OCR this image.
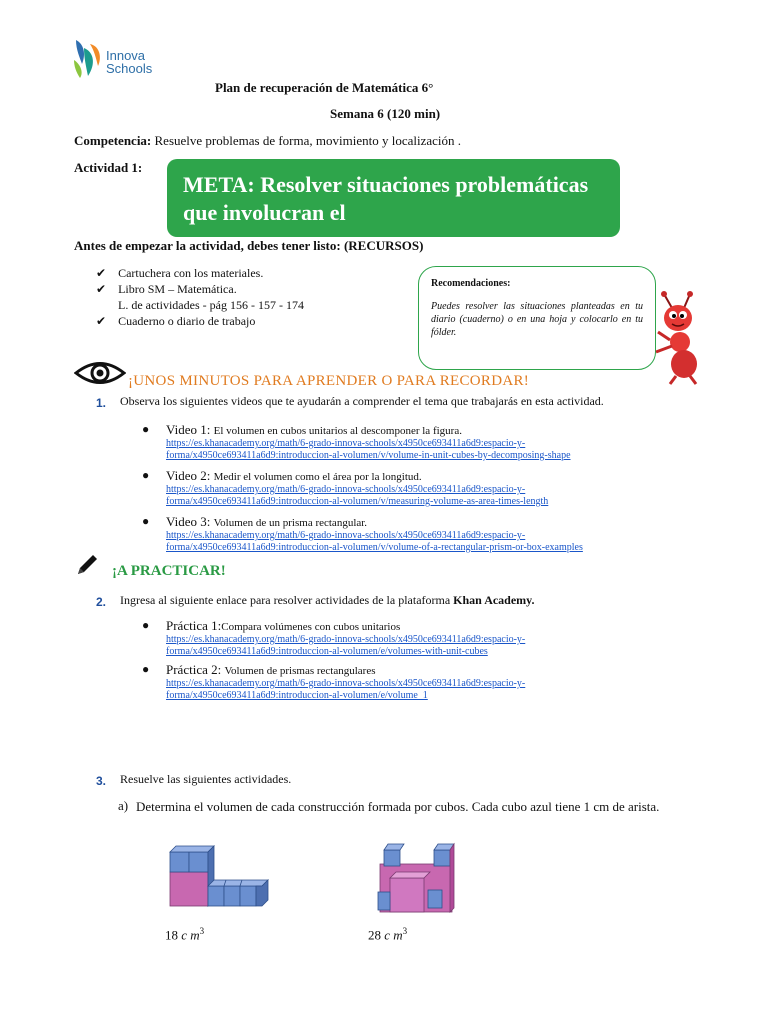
Innova
Schools
Plan de recuperación de Matemática 6°
Semana 6 (120 min)
Competencia: Resuelve problemas de forma, movimiento y localización .
Actividad 1:
META: Resolver situaciones problemáticas que involucran el
Antes de empezar la actividad, debes tener listo: (RECURSOS)
✔ Cartuchera con los materiales.
✔ Libro SM – Matemática.
L. de actividades - pág 156 - 157 - 174
✔ Cuaderno o diario de trabajo
Recomendaciones:
Puedes resolver las situaciones planteadas en tu diario (cuaderno) o en una hoja y colocarlo en tu fólder.
¡UNOS MINUTOS PARA APRENDER O PARA RECORDAR!
1. Observa los siguientes videos que te ayudarán a comprender el tema que trabajarás en esta actividad.
● Video 1: El volumen en cubos unitarios al descomponer la figura.
https://es.khanacademy.org/math/6-grado-innova-schools/x4950ce693411a6d9:espacio-y-
forma/x4950ce693411a6d9:introduccion-al-volumen/v/volume-in-unit-cubes-by-decomposing-shape
● Video 2: Medir el volumen como el área por la longitud.
https://es.khanacademy.org/math/6-grado-innova-schools/x4950ce693411a6d9:espacio-y-
forma/x4950ce693411a6d9:introduccion-al-volumen/v/measuring-volume-as-area-times-length
● Video 3: Volumen de un prisma rectangular.
https://es.khanacademy.org/math/6-grado-innova-schools/x4950ce693411a6d9:espacio-y-
forma/x4950ce693411a6d9:introduccion-al-volumen/v/volume-of-a-rectangular-prism-or-box-examples
¡A PRACTICAR!
2. Ingresa al siguiente enlace para resolver actividades de la plataforma Khan Academy.
● Práctica 1:Compara volúmenes con cubos unitarios
https://es.khanacademy.org/math/6-grado-innova-schools/x4950ce693411a6d9:espacio-y-
forma/x4950ce693411a6d9:introduccion-al-volumen/e/volumes-with-unit-cubes
● Práctica 2: Volumen de prismas rectangulares
https://es.khanacademy.org/math/6-grado-innova-schools/x4950ce693411a6d9:espacio-y-
forma/x4950ce693411a6d9:introduccion-al-volumen/e/volume_1
3. Resuelve las siguientes actividades.
a) Determina el volumen de cada construcción formada por cubos. Cada cubo azul tiene 1 cm de arista.
18 c $m^3$	28 c $m^3$
